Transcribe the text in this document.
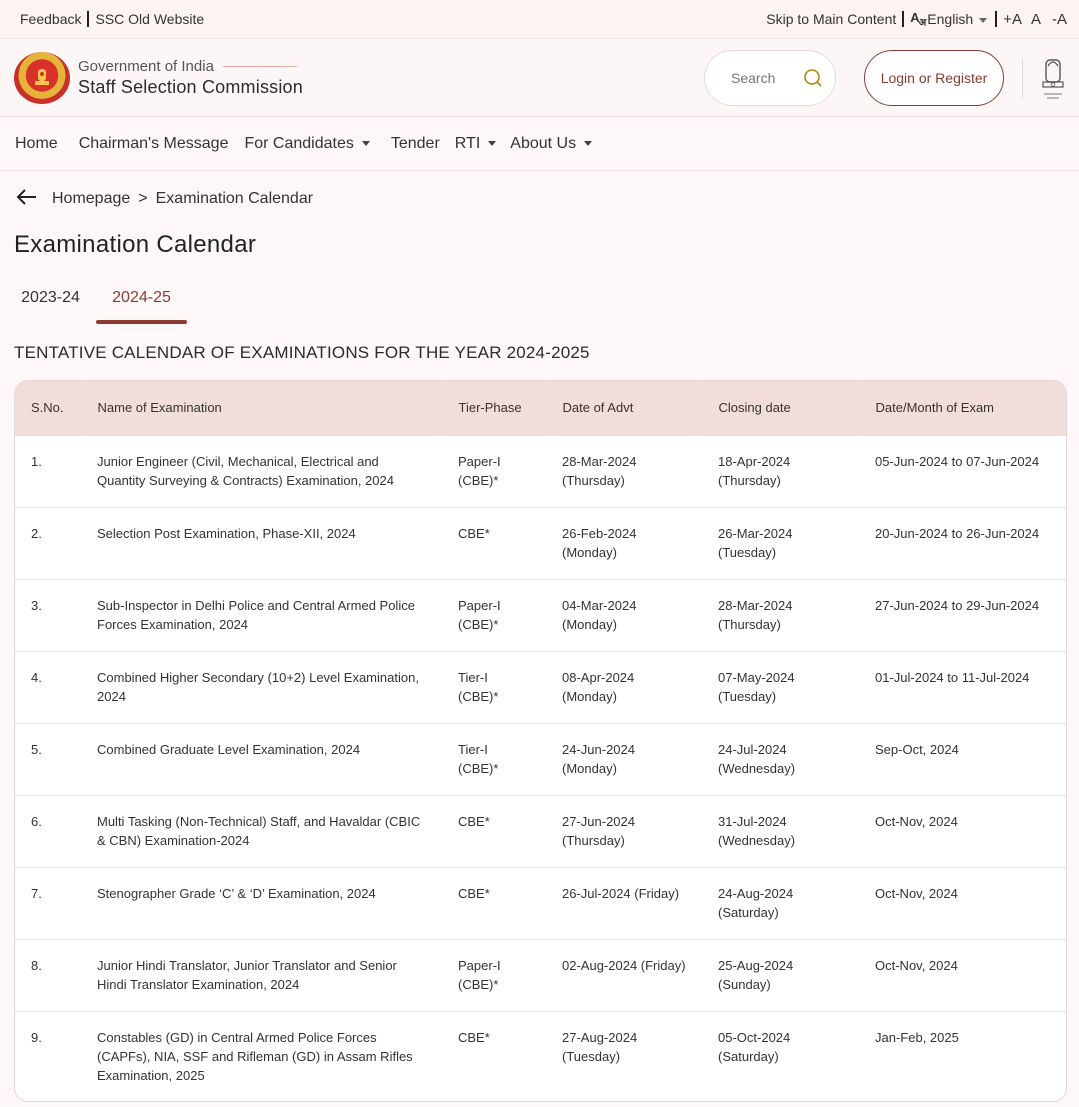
Feedback SSC Old Website	Skip to Main Content $A_अ$ English	+A A -A
Government of India
Staff Selection Commission
Search	Login or Register
Home Chairman's Message For Candidates Tender RTI About Us
Homepage > Examination Calendar
Examination Calendar
2023-24	2024-25
TENTATIVE CALENDAR OF EXAMINATIONS FOR THE YEAR 2024-2025
S.No.	Name of Examination	Tier-Phase	Date of Advt	Closing date	Date/Month of Exam
1.	Junior Engineer (Civil, Mechanical, Electrical and Quantity Surveying & Contracts) Examination, 2024	Paper-I (CBE)*	28-Mar-2024 (Thursday)	18-Apr-2024 (Thursday)	05-Jun-2024 to 07-Jun-2024
2.	Selection Post Examination, Phase-XII, 2024	CBE*	26-Feb-2024 (Monday)	26-Mar-2024 (Tuesday)	20-Jun-2024 to 26-Jun-2024
3.	Sub-Inspector in Delhi Police and Central Armed Police Forces Examination, 2024	Paper-I (CBE)*	04-Mar-2024 (Monday)	28-Mar-2024 (Thursday)	27-Jun-2024 to 29-Jun-2024
4.	Combined Higher Secondary (10+2) Level Examination, 2024	Tier-I (CBE)*	08-Apr-2024 (Monday)	07-May-2024 (Tuesday)	01-Jul-2024 to 11-Jul-2024
5.	Combined Graduate Level Examination, 2024	Tier-I (CBE)*	24-Jun-2024 (Monday)	24-Jul-2024 (Wednesday)	Sep-Oct, 2024
6.	Multi Tasking (Non-Technical) Staff, and Havaldar (CBIC & CBN) Examination-2024	CBE*	27-Jun-2024 (Thursday)	31-Jul-2024 (Wednesday)	Oct-Nov, 2024
7.	Stenographer Grade ‘C’ & ‘D’ Examination, 2024	CBE*	26-Jul-2024 (Friday)	24-Aug-2024 (Saturday)	Oct-Nov, 2024
8.	Junior Hindi Translator, Junior Translator and Senior Hindi Translator Examination, 2024	Paper-I (CBE)*	02-Aug-2024 (Friday)	25-Aug-2024 (Sunday)	Oct-Nov, 2024
9.	Constables (GD) in Central Armed Police Forces (CAPFs), NIA, SSF and Rifleman (GD) in Assam Rifles Examination, 2025	CBE*	27-Aug-2024 (Tuesday)	05-Oct-2024 (Saturday)	Jan-Feb, 2025
